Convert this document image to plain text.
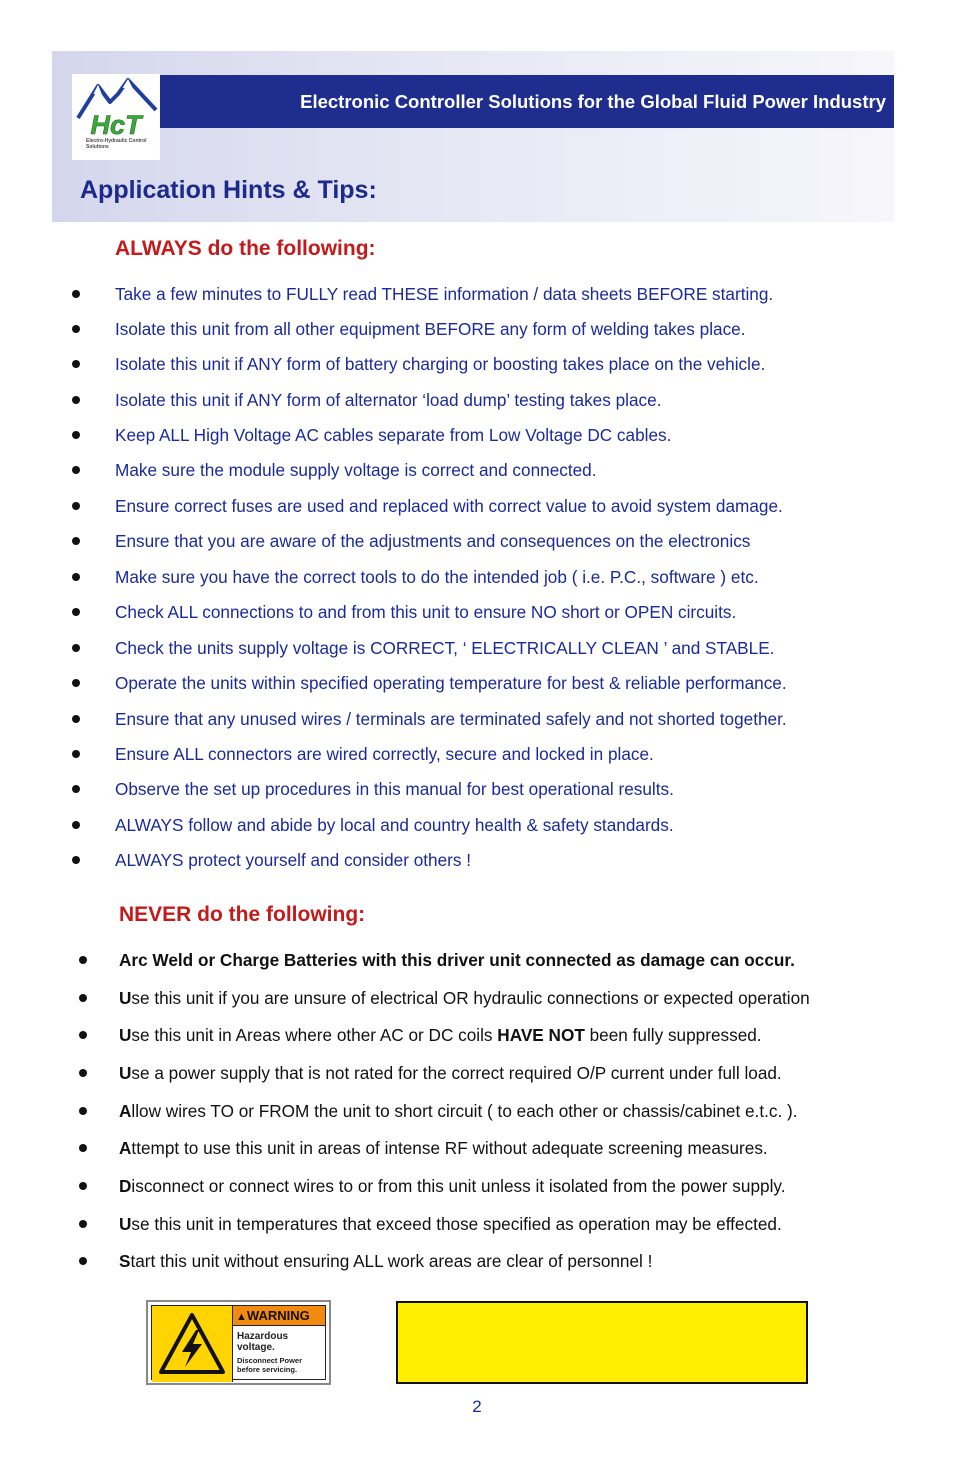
HcT
Electro-Hydraulic Control Solutions
Electronic Controller Solutions for the Global Fluid Power Industry
Application Hints & Tips:
ALWAYS do the following:
Take a few minutes to FULLY read THESE information / data sheets BEFORE starting.
Isolate this unit from all other equipment BEFORE any form of welding takes place.
Isolate this unit if ANY form of battery charging or boosting takes place on the vehicle.
Isolate this unit if ANY form of alternator ‘load dump’ testing takes place.
Keep ALL High Voltage AC cables separate from Low Voltage DC cables.
Make sure the module supply voltage is correct and connected.
Ensure correct fuses are used and replaced with correct value to avoid system damage.
Ensure that you are aware of the adjustments and consequences on the electronics
Make sure you have the correct tools to do the intended job ( i.e. P.C., software ) etc.
Check ALL connections to and from this unit to ensure NO short or OPEN circuits.
Check the units supply voltage is CORRECT, ‘ ELECTRICALLY CLEAN ’ and STABLE.
Operate the units within specified operating temperature for best & reliable performance.
Ensure that any unused wires / terminals are terminated safely and not shorted together.
Ensure ALL connectors are wired correctly, secure and locked in place.
Observe the set up procedures in this manual for best operational results.
ALWAYS follow and abide by local and country health & safety standards.
ALWAYS protect yourself and consider others !
NEVER do the following:
Arc Weld or Charge Batteries with this driver unit connected as damage can occur.
Use this unit if you are unsure of electrical OR hydraulic connections or expected operation
Use this unit in Areas where other AC or DC coils HAVE NOT been fully suppressed.
Use a power supply that is not rated for the correct required O/P current under full load.
Allow wires TO or FROM the unit to short circuit ( to each other or chassis/cabinet e.t.c. ).
Attempt to use this unit in areas of intense RF without adequate screening measures.
Disconnect or connect wires to or from this unit unless it isolated from the power supply.
Use this unit in temperatures that exceed those specified as operation may be effected.
Start this unit without ensuring ALL work areas are clear of personnel !
▲WARNING
Hazardous voltage.
Disconnect Power before servicing.
2
